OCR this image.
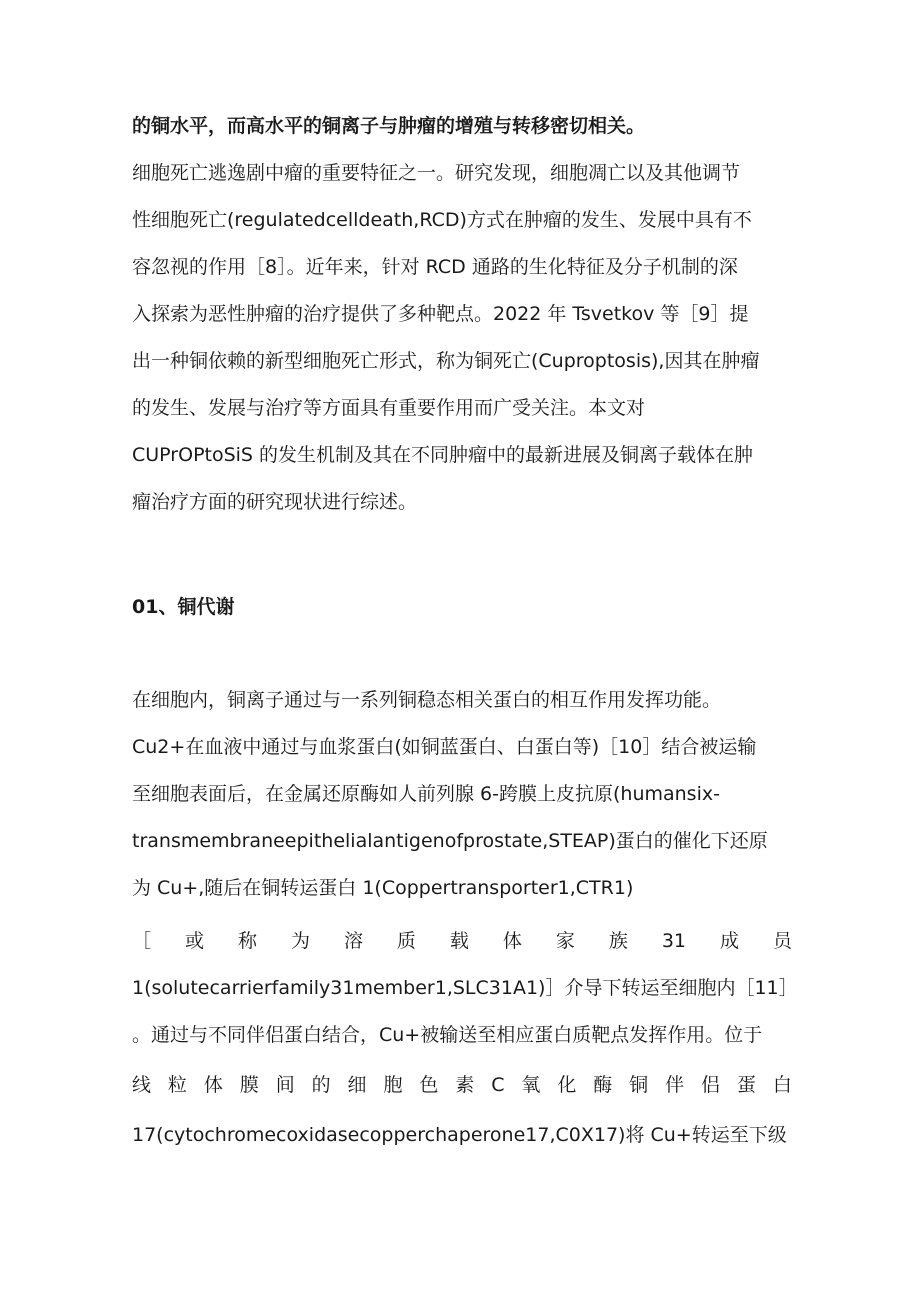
的铜水平，而高水平的铜离子与肿瘤的增殖与转移密切相关。
细胞死亡逃逸剧中瘤的重要特征之一。研究发现，细胞凋亡以及其他调节
性细胞死亡(regulatedcelldeath,RCD)方式在肿瘤的发生、发展中具有不
容忽视的作用［8］。近年来，针对 RCD 通路的生化特征及分子机制的深
入探索为恶性肿瘤的治疗提供了多种靶点。2022 年 Tsvetkov 等［9］提
出一种铜依赖的新型细胞死亡形式，称为铜死亡(Cuproptosis),因其在肿瘤
的发生、发展与治疗等方面具有重要作用而广受关注。本文对
CUPrOPtoSiS 的发生机制及其在不同肿瘤中的最新进展及铜离子载体在肿
瘤治疗方面的研究现状进行综述。
01、铜代谢
在细胞内，铜离子通过与一系列铜稳态相关蛋白的相互作用发挥功能。
Cu2+在血液中通过与血浆蛋白(如铜蓝蛋白、白蛋白等)［10］结合被运输
至细胞表面后，在金属还原酶如人前列腺 6-跨膜上皮抗原(humansix-
transmembraneepithelialantigenofprostate,STEAP)蛋白的催化下还原
为 Cu+,随后在铜转运蛋白 1(Coppertransporter1,CTR1)
［ 或 称 为 溶 质 载 体 家 族 31 成 员
1(solutecarrierfamily31member1,SLC31A1)］介导下转运至细胞内［11］
。通过与不同伴侣蛋白结合，Cu+被输送至相应蛋白质靶点发挥作用。位于
线 粒 体 膜 间 的 细 胞 色 素 C 氧 化 酶 铜 伴 侣 蛋 白
17(cytochromecoxidasecopperchaperone17,C0X17)将 Cu+转运至下级
